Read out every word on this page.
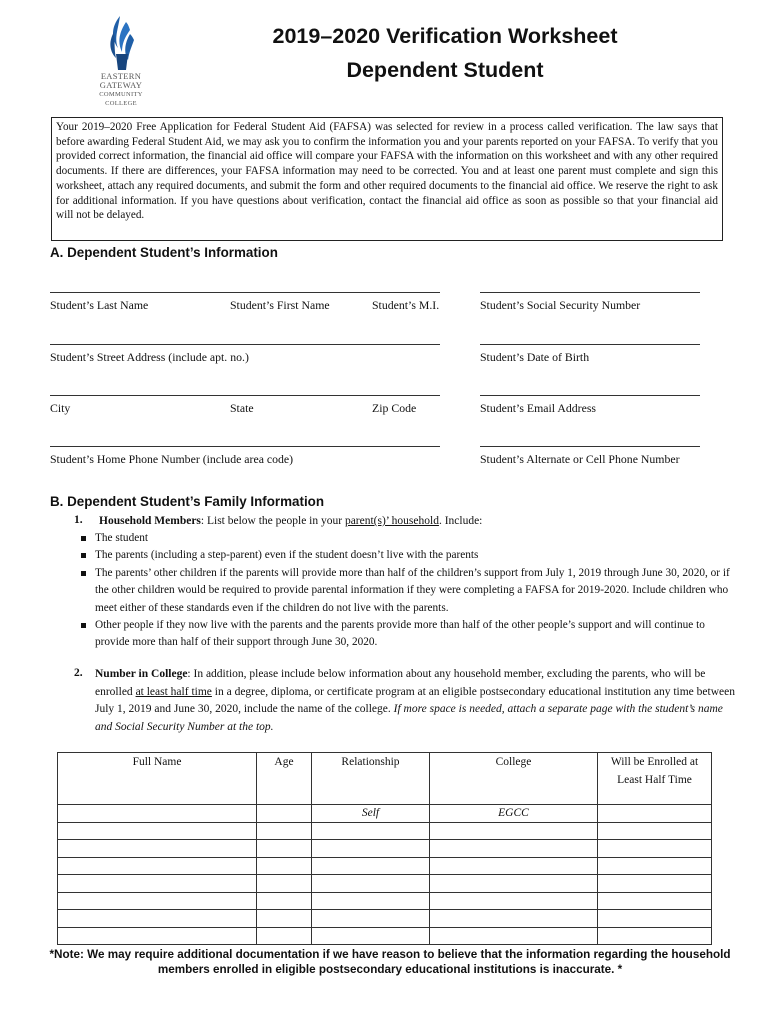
EASTERN
GATEWAY
COMMUNITY
COLLEGE
2019–2020 Verification Worksheet
Dependent Student
Your 2019–2020 Free Application for Federal Student Aid (FAFSA) was selected for review in a process called verification. The law says that before awarding Federal Student Aid, we may ask you to confirm the information you and your parents reported on your FAFSA. To verify that you provided correct information, the financial aid office will compare your FAFSA with the information on this worksheet and with any other required documents. If there are differences, your FAFSA information may need to be corrected. You and at least one parent must complete and sign this worksheet, attach any required documents, and submit the form and other required documents to the financial aid office. We reserve the right to ask for additional information. If you have questions about verification, contact the financial aid office as soon as possible so that your financial aid will not be delayed.
A. Dependent Student’s Information
Student’s Last Name	Student’s First Name	Student’s M.I.	Student’s Social Security Number
Student’s Street Address (include apt. no.)	Student’s Date of Birth
City	State	Zip Code	Student’s Email Address
Student’s Home Phone Number (include area code)	Student’s Alternate or Cell Phone Number
B. Dependent Student’s Family Information
1. Household Members: List below the people in your parent(s)’ household. Include:
The student
The parents (including a step-parent) even if the student doesn’t live with the parents
The parents’ other children if the parents will provide more than half of the children’s support from July 1, 2019 through June 30, 2020, or if the other children would be required to provide parental information if they were completing a FAFSA for 2019-2020. Include children who meet either of these standards even if the children do not live with the parents.
Other people if they now live with the parents and the parents provide more than half of the other people’s support and will continue to provide more than half of their support through June 30, 2020.
2. Number in College: In addition, please include below information about any household member, excluding the parents, who will be enrolled at least half time in a degree, diploma, or certificate program at an eligible postsecondary educational institution any time between July 1, 2019 and June 30, 2020, include the name of the college. If more space is needed, attach a separate page with the student’s name and Social Security Number at the top.
Full Name	Age	Relationship	College	Will be Enrolled at Least Half Time
		Self	EGCC	

*Note: We may require additional documentation if we have reason to believe that the information regarding the household members enrolled in eligible postsecondary educational institutions is inaccurate. *
